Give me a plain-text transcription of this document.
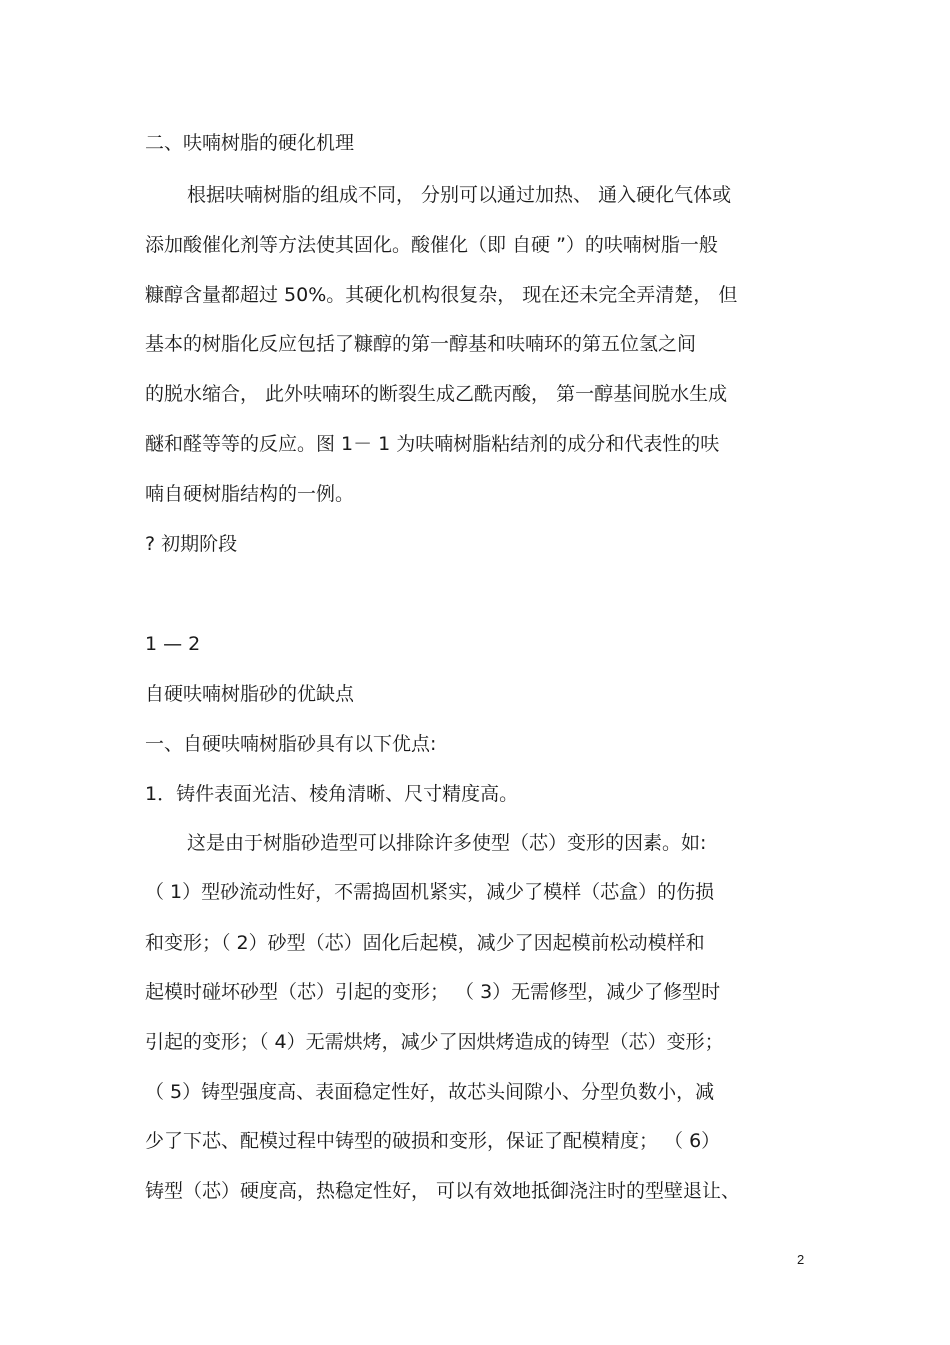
二、呋喃树脂的硬化机理
根据呋喃树脂的组成不同， 分别可以通过加热、 通入硬化气体或
添加酸催化剂等方法使其固化。酸催化（即 自硬 ”）的呋喃树脂一般
糠醇含量都超过 50%。其硬化机构很复杂， 现在还未完全弄清楚， 但
基本的树脂化反应包括了糠醇的第一醇基和呋喃环的第五位氢之间
的脱水缩合， 此外呋喃环的断裂生成乙酰丙酸， 第一醇基间脱水生成
醚和醛等等的反应。图 1－ 1 为呋喃树脂粘结剂的成分和代表性的呋
喃自硬树脂结构的一例。
? 初期阶段
1 — 2
自硬呋喃树脂砂的优缺点
一、自硬呋喃树脂砂具有以下优点:
1．铸件表面光洁、棱角清晰、尺寸精度高。
这是由于树脂砂造型可以排除许多使型（芯）变形的因素。如:
（ 1）型砂流动性好，不需捣固机紧实，减少了模样（芯盒）的伤损
和变形；（ 2）砂型（芯）固化后起模，减少了因起模前松动模样和
起模时碰坏砂型（芯）引起的变形； （ 3）无需修型，减少了修型时
引起的变形；（ 4）无需烘烤，减少了因烘烤造成的铸型（芯）变形；
（ 5）铸型强度高、表面稳定性好，故芯头间隙小、分型负数小，减
少了下芯、配模过程中铸型的破损和变形，保证了配模精度； （ 6）
铸型（芯）硬度高，热稳定性好， 可以有效地抵御浇注时的型壁退让、
2
